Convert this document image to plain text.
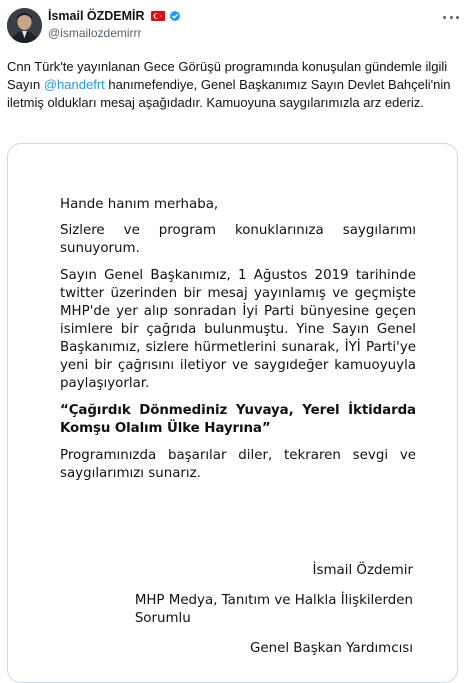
İsmail ÖZDEMİR
@ismailozdemirrr
Cnn Türk'te yayınlanan Gece Görüşü programında konuşulan gündemle ilgili Sayın @handefrt hanımefendiye, Genel Başkanımız Sayın Devlet Bahçeli'nin iletmiş oldukları mesaj aşağıdadır. Kamuoyuna saygılarımızla arz ederiz.

Hande hanım merhaba,

Sizlere ve program konuklarınıza saygılarımı sunuyorum.

Sayın Genel Başkanımız, 1 Ağustos 2019 tarihinde twitter üzerinden bir mesaj yayınlamış ve geçmişte MHP'de yer alıp sonradan İyi Parti bünyesine geçen isimlere bir çağrıda bulunmuştu. Yine Sayın Genel Başkanımız, sizlere hürmetlerini sunarak, İYİ Parti'ye yeni bir çağrısını iletiyor ve saygıdeğer kamuoyuyla paylaşıyorlar.

“Çağırdık Dönmediniz Yuvaya, Yerel İktidarda Komşu Olalım Ülke Hayrına”

Programınızda başarılar diler, tekraren sevgi ve saygılarımızı sunarız.

İsmail Özdemir
MHP Medya, Tanıtım ve Halkla İlişkilerden
Sorumlu
Genel Başkan Yardımcısı
